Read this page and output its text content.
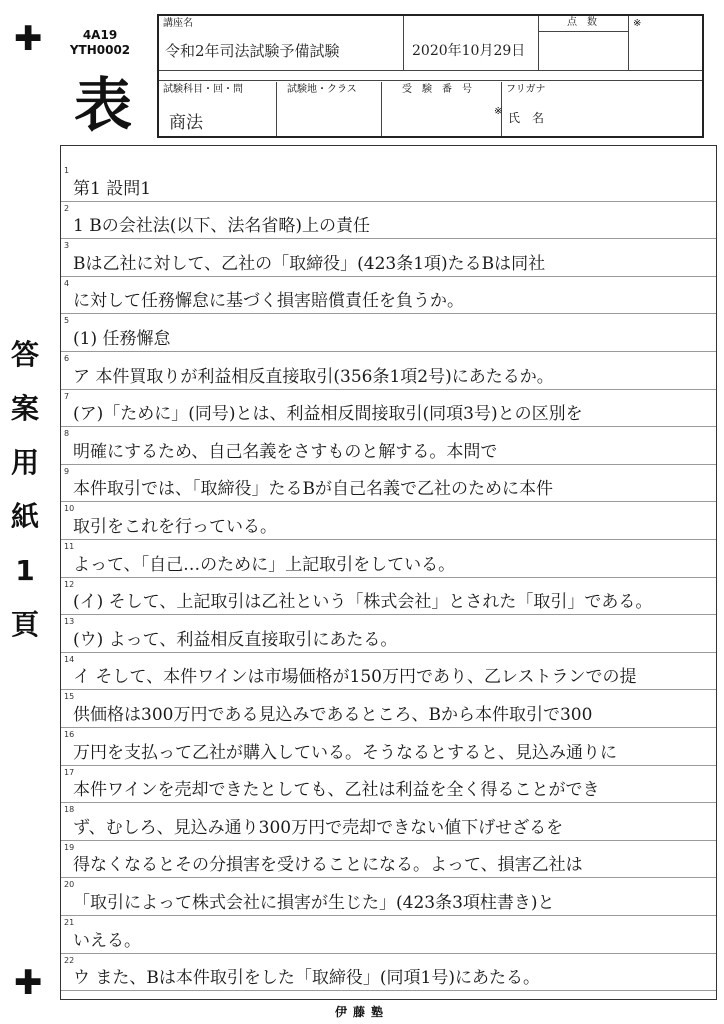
✚
✚
4A19
YTH0002
表
答
案
用
紙
1
頁
講座名
令和2年司法試験予備試験	2020年10月29日
点　数	※
試験科目・回・問
商法
試験地・クラス	受　験　番　号
※
フリガナ
氏　名
1
第1 設問1
2
1 Bの会社法(以下、法名省略)上の責任
3
Bは乙社に対して、乙社の「取締役」(423条1項)たるBは同社
4
に対して任務懈怠に基づく損害賠償責任を負うか。
5
(1) 任務懈怠
6
ア 本件買取りが利益相反直接取引(356条1項2号)にあたるか。
7
(ア)「ために」(同号)とは、利益相反間接取引(同項3号)との区別を
8
明確にするため、自己名義をさすものと解する。本問で
9
本件取引では、「取締役」たるBが自己名義で乙社のために本件
10
取引をこれを行っている。
11
よって、「自己…のために」上記取引をしている。
12
(イ) そして、上記取引は乙社という「株式会社」とされた「取引」である。
13
(ウ) よって、利益相反直接取引にあたる。
14
イ そして、本件ワインは市場価格が150万円であり、乙レストランでの提
15
供価格は300万円である見込みであるところ、Bから本件取引で300
16
万円を支払って乙社が購入している。そうなるとすると、見込み通りに
17
本件ワインを売却できたとしても、乙社は利益を全く得ることができ
18
ず、むしろ、見込み通り300万円で売却できない値下げせざるを
19
得なくなるとその分損害を受けることになる。よって、損害乙社は
20
「取引によって株式会社に損害が生じた」(423条3項柱書き)と
21
いえる。
22
ウ また、Bは本件取引をした「取締役」(同項1号)にあたる。
伊藤塾
